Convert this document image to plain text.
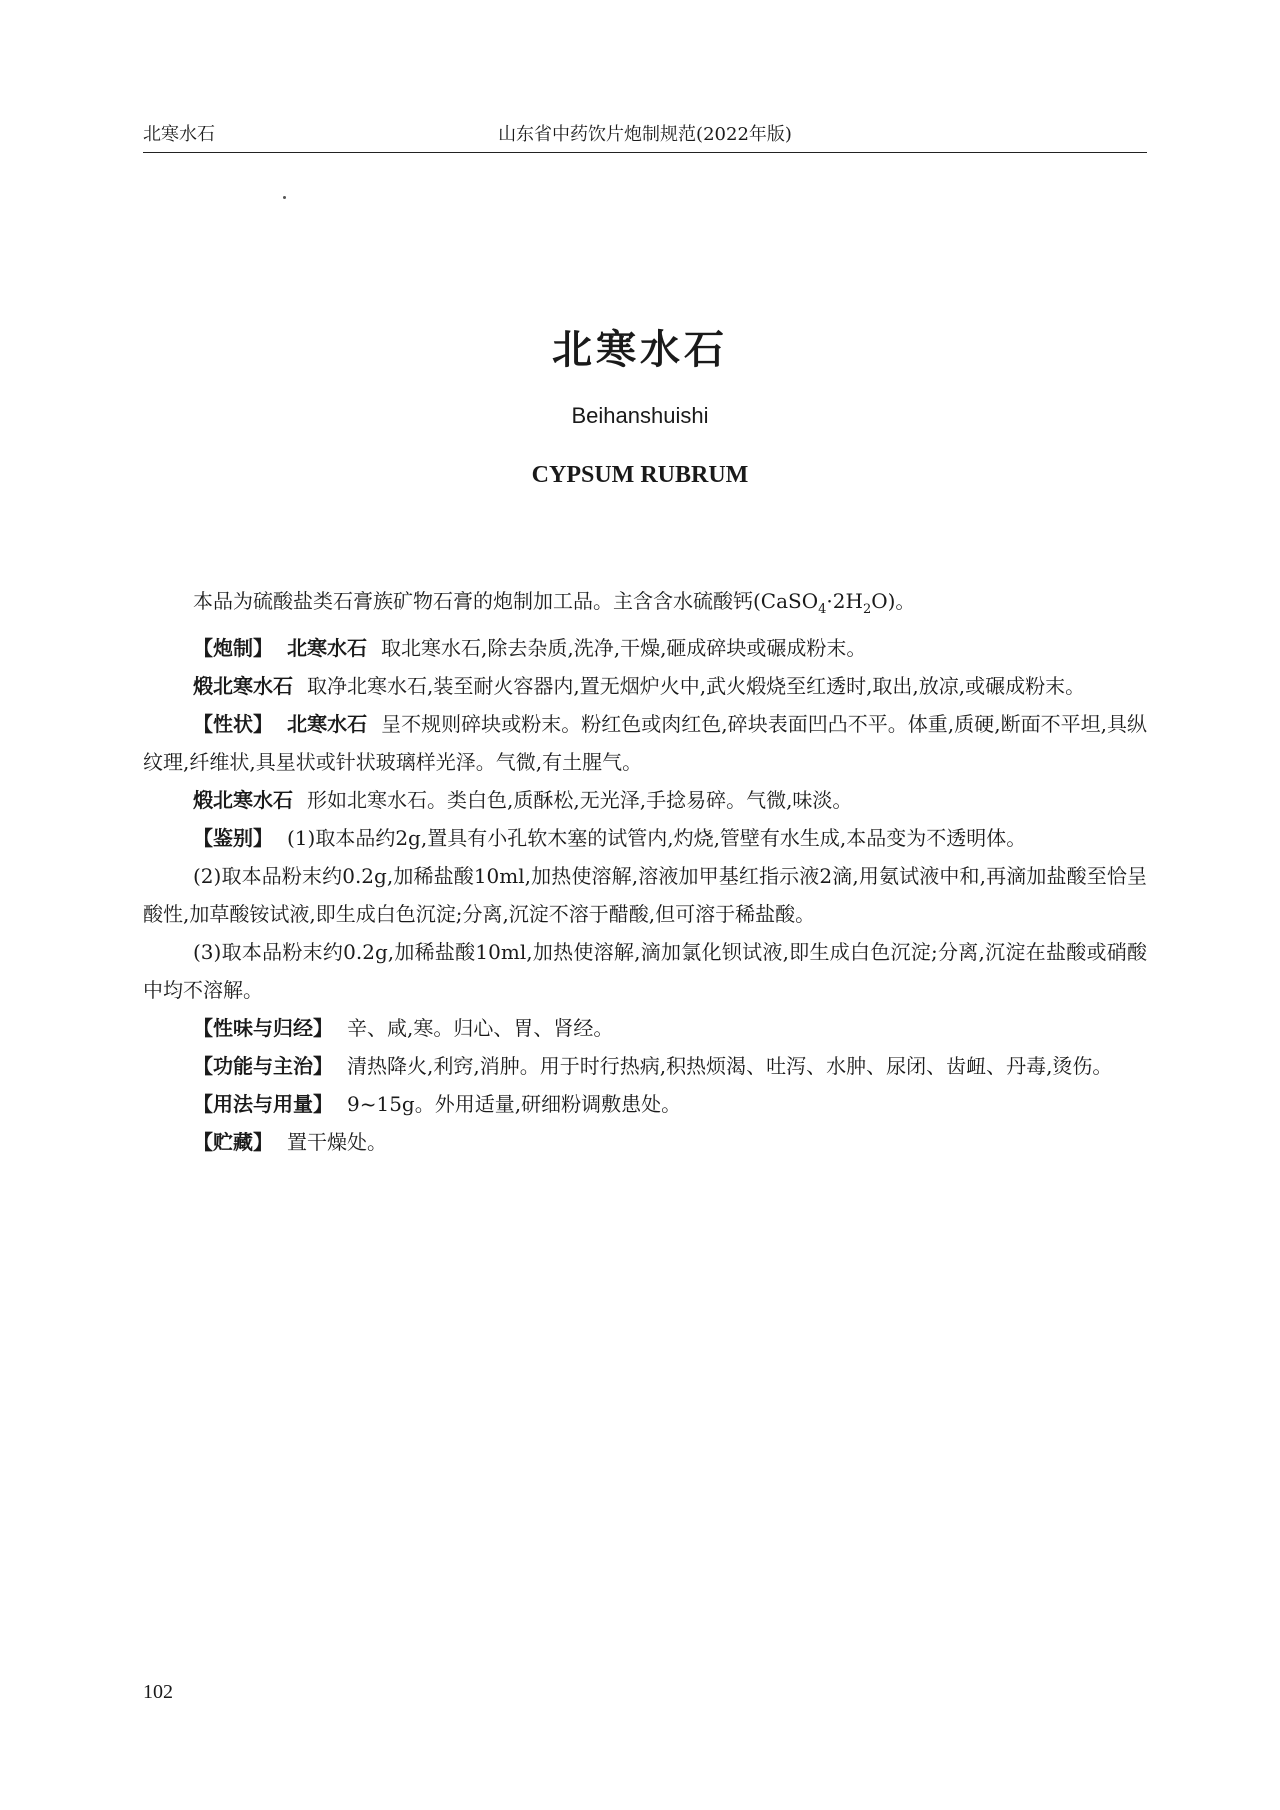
北寒水石	山东省中药饮片炮制规范(2022年版)
北寒水石
Beihanshuishi
CYPSUM RUBRUM

本品为硫酸盐类石膏族矿物石膏的炮制加工品。主含含水硫酸钙$(CaSO_4\cdot 2H_2O)$。

【炮制】 北寒水石 取北寒水石,除去杂质,洗净,干燥,砸成碎块或碾成粉末。

煅北寒水石 取净北寒水石,装至耐火容器内,置无烟炉火中,武火煅烧至红透时,取出,放凉,或碾成粉末。

【性状】 北寒水石 呈不规则碎块或粉末。粉红色或肉红色,碎块表面凹凸不平。体重,质硬,断面不平坦,具纵纹理,纤维状,具星状或针状玻璃样光泽。气微,有土腥气。

煅北寒水石 形如北寒水石。类白色,质酥松,无光泽,手捻易碎。气微,味淡。

【鉴别】 (1)取本品约2g,置具有小孔软木塞的试管内,灼烧,管壁有水生成,本品变为不透明体。

(2)取本品粉末约0.2g,加稀盐酸10ml,加热使溶解,溶液加甲基红指示液2滴,用氨试液中和,再滴加盐酸至恰呈酸性,加草酸铵试液,即生成白色沉淀;分离,沉淀不溶于醋酸,但可溶于稀盐酸。

(3)取本品粉末约0.2g,加稀盐酸10ml,加热使溶解,滴加氯化钡试液,即生成白色沉淀;分离,沉淀在盐酸或硝酸中均不溶解。

【性味与归经】 辛、咸,寒。归心、胃、肾经。

【功能与主治】 清热降火,利窍,消肿。用于时行热病,积热烦渴、吐泻、水肿、尿闭、齿衄、丹毒,烫伤。

【用法与用量】 9~15g。外用适量,研细粉调敷患处。

【贮藏】 置干燥处。

102
